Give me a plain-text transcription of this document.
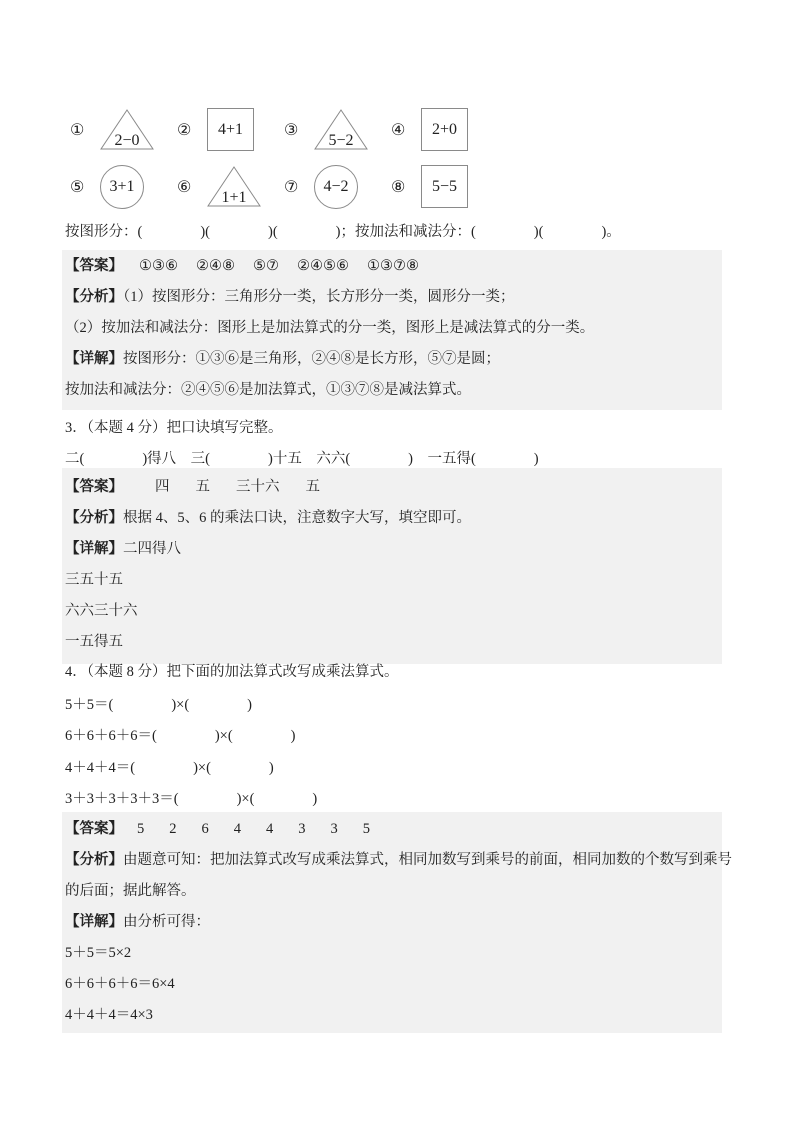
①
2−0
②	4+1	③
5−2
④	2+0
⑤	3+1	⑥
1+1
⑦	4−2	⑧	5−5
按图形分：(　　　　)(　　　　)(　　　　)；按加法和减法分：(　　　　)(　　　　)。
【答案】 ①③⑥ ②④⑧ ⑤⑦ ②④⑤⑥ ①③⑦⑧
【分析】（1）按图形分：三角形分一类，长方形分一类，圆形分一类；
（2）按加法和减法分：图形上是加法算式的分一类，图形上是减法算式的分一类。
【详解】按图形分：①③⑥是三角形，②④⑧是长方形，⑤⑦是圆；
按加法和减法分：②④⑤⑥是加法算式，①③⑦⑧是减法算式。
3．（本题 4 分）把口诀填写完整。
二(　　　　)得八　三(　　　　)十五　六六(　　　　)　一五得(　　　　)
【答案】 四 五 三十六 五
【分析】根据 4、5、6 的乘法口诀，注意数字大写，填空即可。
【详解】二四得八
三五十五
六六三十六
一五得五
4．（本题 8 分）把下面的加法算式改写成乘法算式。
5＋5＝(　　　　)×(　　　　)
6＋6＋6＋6＝(　　　　)×(　　　　)
4＋4＋4＝(　　　　)×(　　　　)
3＋3＋3＋3＋3＝(　　　　)×(　　　　)
【答案】 5 2 6 4 4 3 3 5
【分析】由题意可知：把加法算式改写成乘法算式，相同加数写到乘号的前面，相同加数的个数写到乘号
的后面；据此解答。
【详解】由分析可得：
5＋5＝5×2
6＋6＋6＋6＝6×4
4＋4＋4＝4×3
